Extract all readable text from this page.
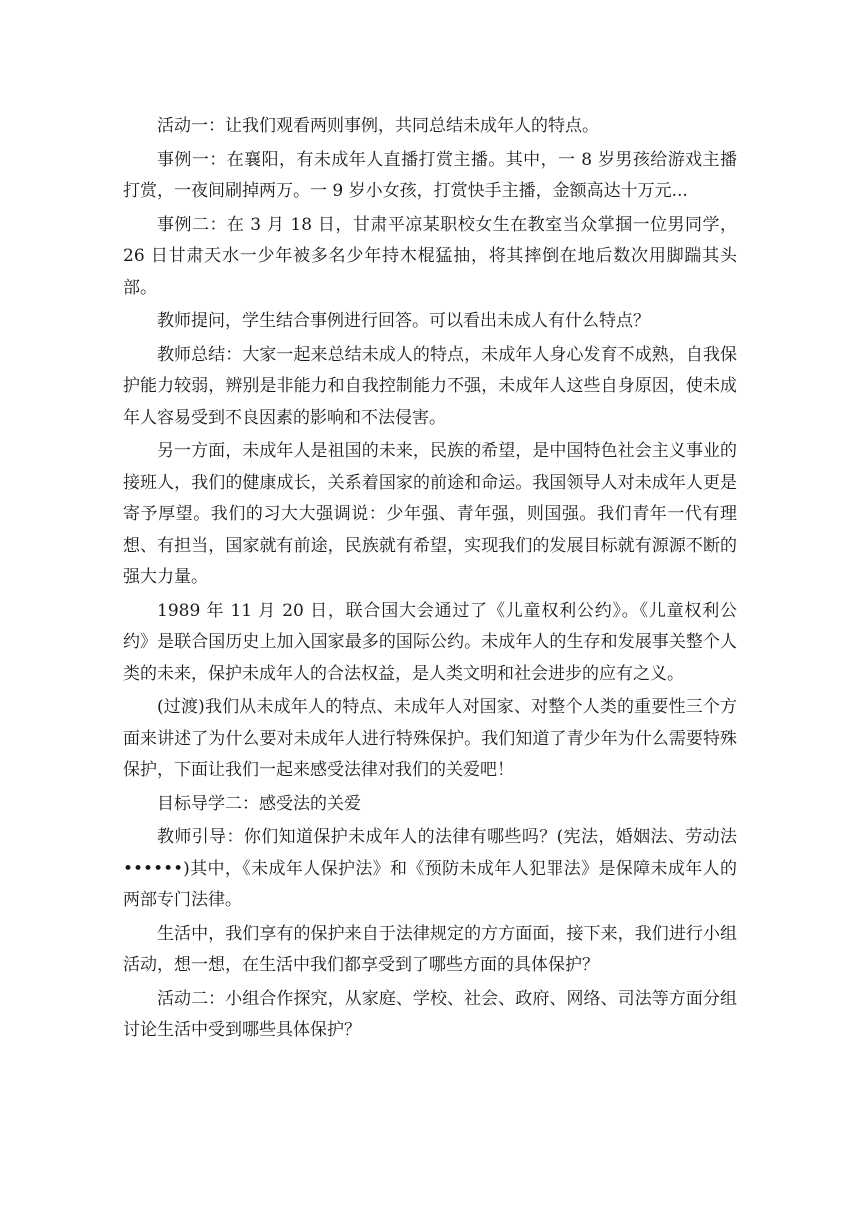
活动一：让我们观看两则事例，共同总结未成年人的特点。

事例一：在襄阳，有未成年人直播打赏主播。其中，一 8 岁男孩给游戏主播打赏，一夜间刷掉两万。一 9 岁小女孩，打赏快手主播，金额高达十万元...

事例二：在 3 月 18 日，甘肃平凉某职校女生在教室当众掌掴一位男同学，26 日甘肃天水一少年被多名少年持木棍猛抽，将其摔倒在地后数次用脚踹其头部。

教师提问，学生结合事例进行回答。可以看出未成人有什么特点？

教师总结：大家一起来总结未成人的特点，未成年人身心发育不成熟，自我保护能力较弱，辨别是非能力和自我控制能力不强，未成年人这些自身原因，使未成年人容易受到不良因素的影响和不法侵害。

另一方面，未成年人是祖国的未来，民族的希望，是中国特色社会主义事业的接班人，我们的健康成长，关系着国家的前途和命运。我国领导人对未成年人更是寄予厚望。我们的习大大强调说：少年强、青年强，则国强。我们青年一代有理想、有担当，国家就有前途，民族就有希望，实现我们的发展目标就有源源不断的强大力量。

1989 年 11 月 20 日，联合国大会通过了《儿童权利公约》。《儿童权利公约》是联合国历史上加入国家最多的国际公约。未成年人的生存和发展事关整个人类的未来，保护未成年人的合法权益，是人类文明和社会进步的应有之义。

(过渡)我们从未成年人的特点、未成年人对国家、对整个人类的重要性三个方面来讲述了为什么要对未成年人进行特殊保护。我们知道了青少年为什么需要特殊保护，下面让我们一起来感受法律对我们的关爱吧！

目标导学二：感受法的关爱

教师引导：你们知道保护未成年人的法律有哪些吗？(宪法，婚姻法、劳动法 ••••••)其中，《未成年人保护法》和《预防未成年人犯罪法》是保障未成年人的两部专门法律。

生活中，我们享有的保护来自于法律规定的方方面面，接下来，我们进行小组活动，想一想，在生活中我们都享受到了哪些方面的具体保护？

活动二：小组合作探究，从家庭、学校、社会、政府、网络、司法等方面分组讨论生活中受到哪些具体保护？
